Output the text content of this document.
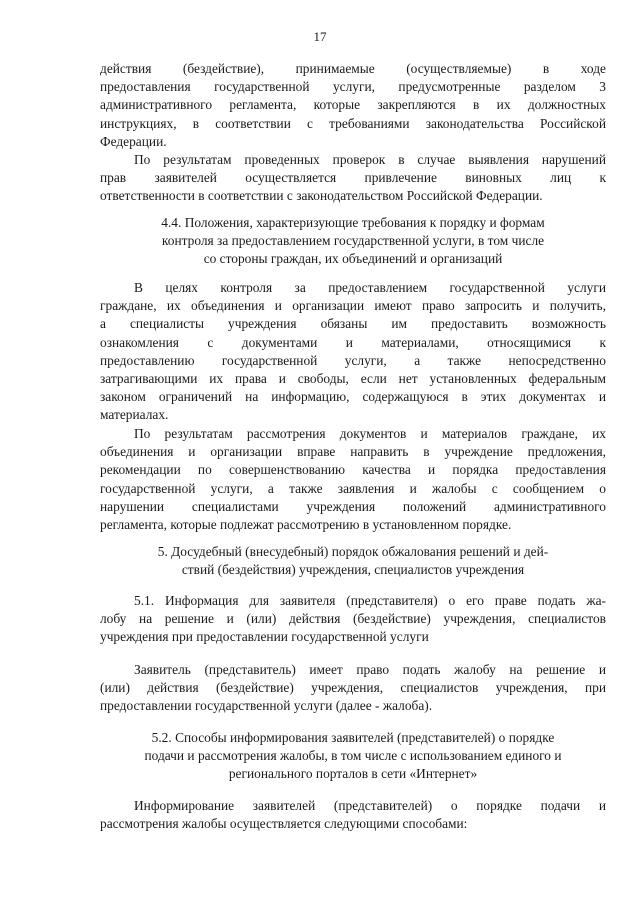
17
действия (бездействие), принимаемые (осуществляемые) в ходе
предоставления государственной услуги, предусмотренные разделом 3
административного регламента, которые закрепляются в их должностных
инструкциях, в соответствии с требованиями законодательства Российской
Федерации.
По результатам проведенных проверок в случае выявления нарушений
прав заявителей осуществляется привлечение виновных лиц к
ответственности в соответствии с законодательством Российской Федерации.
4.4. Положения, характеризующие требования к порядку и формам
контроля за предоставлением государственной услуги, в том числе
со стороны граждан, их объединений и организаций
В целях контроля за предоставлением государственной услуги
граждане, их объединения и организации имеют право запросить и получить,
а специалисты учреждения обязаны им предоставить возможность
ознакомления с документами и материалами, относящимися к
предоставлению государственной услуги, а также непосредственно
затрагивающими их права и свободы, если нет установленных федеральным
законом ограничений на информацию, содержащуюся в этих документах и
материалах.
По результатам рассмотрения документов и материалов граждане, их
объединения и организации вправе направить в учреждение предложения,
рекомендации по совершенствованию качества и порядка предоставления
государственной услуги, а также заявления и жалобы с сообщением о
нарушении специалистами учреждения положений административного
регламента, которые подлежат рассмотрению в установленном порядке.
5. Досудебный (внесудебный) порядок обжалования решений и дей-
ствий (бездействия) учреждения, специалистов учреждения
5.1. Информация для заявителя (представителя) о его праве подать жа-
лобу на решение и (или) действия (бездействие) учреждения, специалистов
учреждения при предоставлении государственной услуги
Заявитель (представитель) имеет право подать жалобу на решение и
(или) действия (бездействие) учреждения, специалистов учреждения, при
предоставлении государственной услуги (далее - жалоба).
5.2. Способы информирования заявителей (представителей) о порядке
подачи и рассмотрения жалобы, в том числе с использованием единого и
регионального порталов в сети «Интернет»
Информирование заявителей (представителей) о порядке подачи и
рассмотрения жалобы осуществляется следующими способами:
